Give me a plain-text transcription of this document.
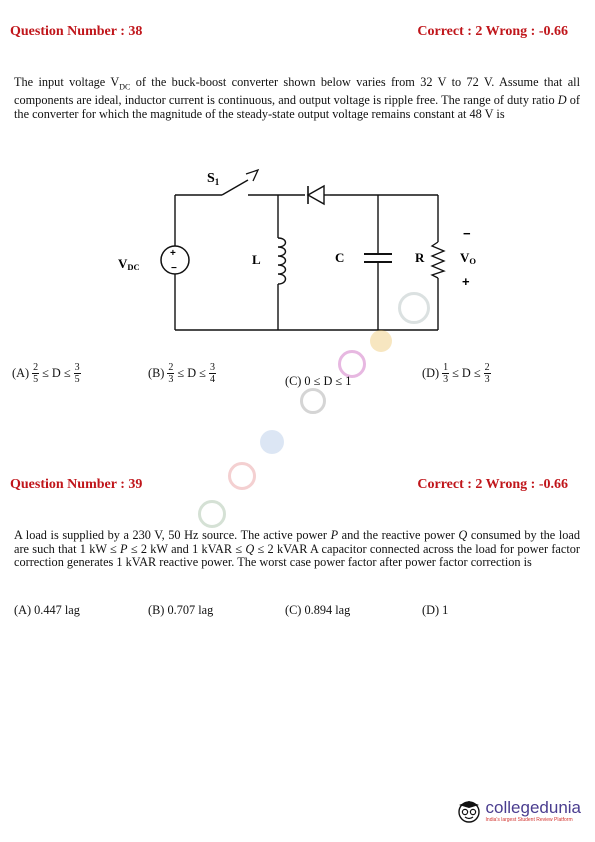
Question Number : 38	Correct : 2 Wrong : -0.66
The input voltage $V_{DC}$ of the buck-boost converter shown below varies from 32 V to 72 V. Assume that all components are ideal, inductor current is continuous, and output voltage is ripple free. The range of duty ratio D of the converter for which the magnitude of the steady-state output voltage remains constant at 48 V is
$S_1$
VDC
+
−
L	C	R	VO
−
+
$(A) \frac{2}{5} \le D \le \frac{3}{5}$	$(B) \frac{2}{3} \le D \le \frac{3}{4}$	(C) 0 ≤ D ≤ 1
$(D) \frac{1}{3} \le D \le \frac{2}{3}$
Question Number : 39	Correct : 2 Wrong : -0.66
A load is supplied by a 230 V, 50 Hz source. The active power P and the reactive power Q consumed by the load are such that 1 kW ≤ P ≤ 2 kW and 1 kVAR ≤ Q ≤ 2 kVAR A capacitor connected across the load for power factor correction generates 1 kVAR reactive power. The worst case power factor after power factor correction is
(A) 0.447 lag	(B) 0.707 lag	(C) 0.894 lag	(D) 1
collegedunia
India's largest Student Review Platform
